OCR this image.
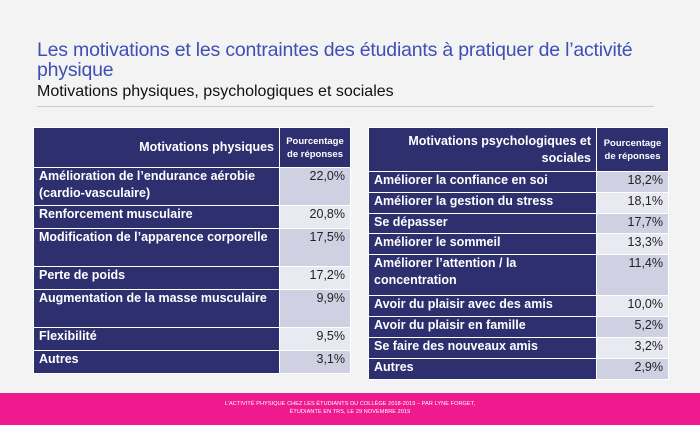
Les motivations et les contraintes des étudiants à pratiquer de l’activité physique
Motivations physiques, psychologiques et sociales
Motivations physiques	Pourcentage de réponses
Amélioration de l’endurance aérobie (cardio-vasculaire)	22,0%
Renforcement musculaire	20,8%
Modification de l’apparence corporelle	17,5%
Perte de poids	17,2%
Augmentation de la masse musculaire	9,9%
Flexibilité	9,5%
Autres	3,1%
Motivations psychologiques et sociales	Pourcentage de réponses
Améliorer la confiance en soi	18,2%
Améliorer la gestion du stress	18,1%
Se dépasser	17,7%
Améliorer le sommeil	13,3%
Améliorer l’attention / la concentration	11,4%
Avoir du plaisir avec des amis	10,0%
Avoir du plaisir en famille	5,2%
Se faire des nouveaux amis	3,2%
Autres	2,9%
L’ACTIVITÉ PHYSIQUE CHEZ LES ÉTUDIANTS DU COLLÈGE 2018-2019 – PAR LYNE FORGET,
ÉTUDIANTE EN TRS, LE 29 NOVEMBRE 2019
